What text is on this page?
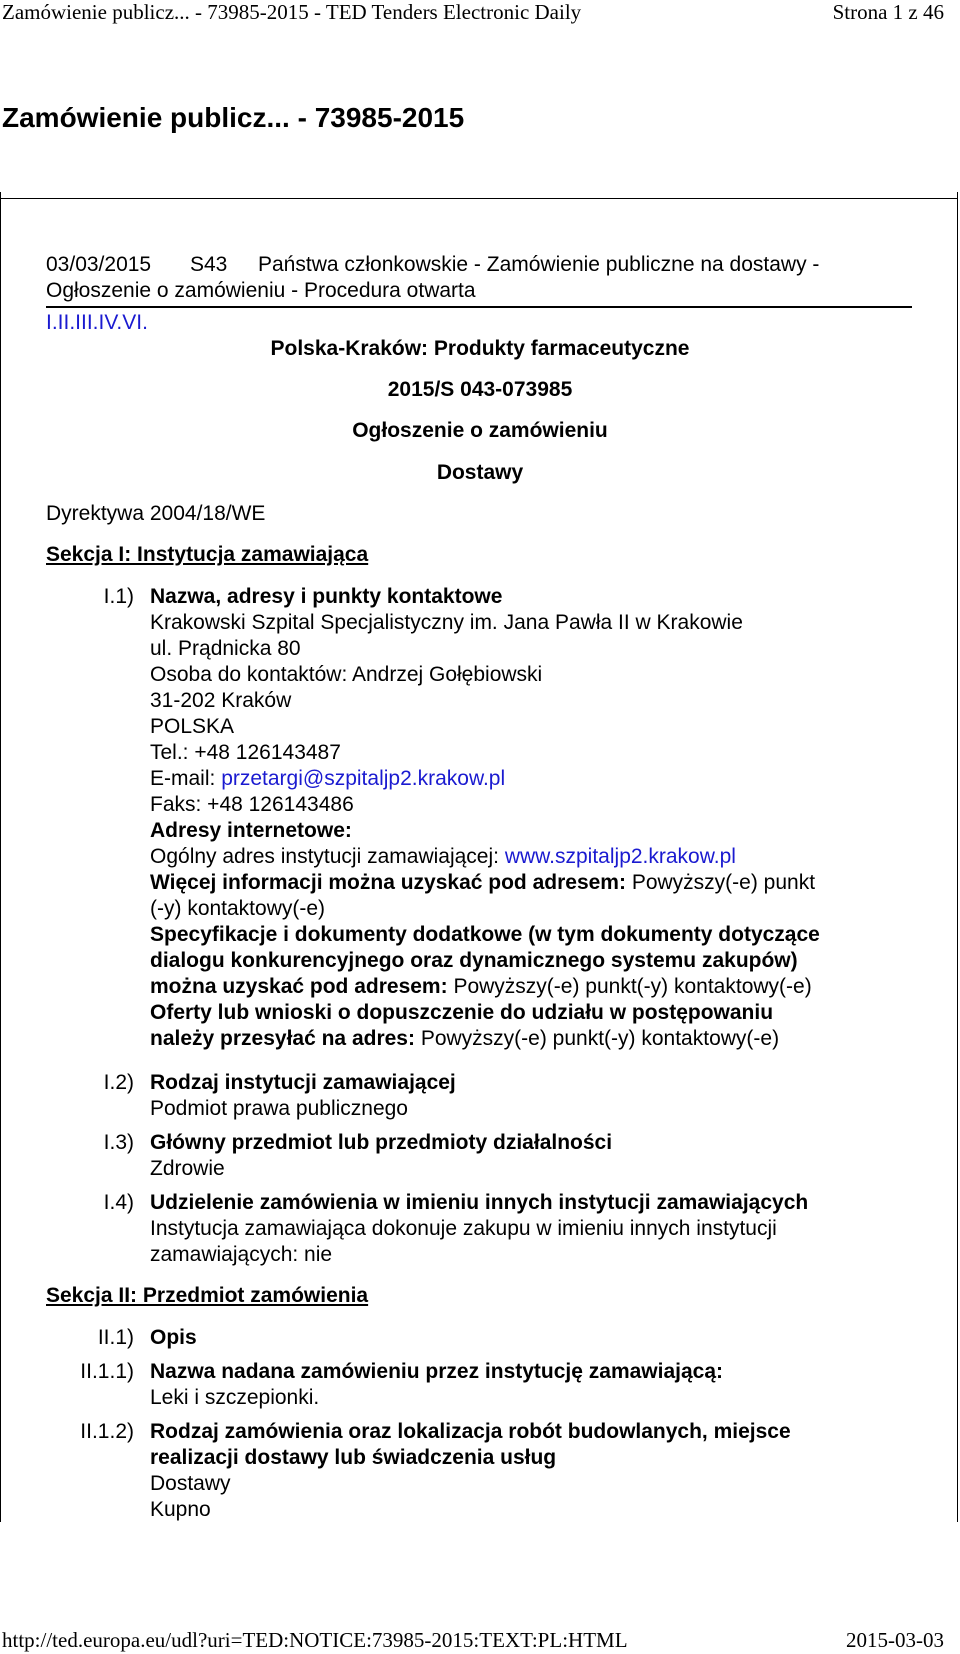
Zamówienie publicz... - 73985-2015 - TED Tenders Electronic Daily	Strona 1 z 46
Zamówienie publicz... - 73985-2015
03/03/2015 S43 Państwa członkowskie - Zamówienie publiczne na dostawy -
Ogłoszenie o zamówieniu - Procedura otwarta
I.II.III.IV.VI.
Polska-Kraków: Produkty farmaceutyczne
2015/S 043-073985
Ogłoszenie o zamówieniu
Dostawy
Dyrektywa 2004/18/WE
Sekcja I: Instytucja zamawiająca
I.1) Nazwa, adresy i punkty kontaktowe
Krakowski Szpital Specjalistyczny im. Jana Pawła II w Krakowie
ul. Prądnicka 80
Osoba do kontaktów: Andrzej Gołębiowski
31-202 Kraków
POLSKA
Tel.: +48 126143487
E-mail: przetargi@szpitaljp2.krakow.pl
Faks: +48 126143486
Adresy internetowe:
Ogólny adres instytucji zamawiającej: www.szpitaljp2.krakow.pl
Więcej informacji można uzyskać pod adresem: Powyższy(-e) punkt
(-y) kontaktowy(-e)
Specyfikacje i dokumenty dodatkowe (w tym dokumenty dotyczące
dialogu konkurencyjnego oraz dynamicznego systemu zakupów)
można uzyskać pod adresem: Powyższy(-e) punkt(-y) kontaktowy(-e)
Oferty lub wnioski o dopuszczenie do udziału w postępowaniu
należy przesyłać na adres: Powyższy(-e) punkt(-y) kontaktowy(-e)
I.2) Rodzaj instytucji zamawiającej
Podmiot prawa publicznego
I.3) Główny przedmiot lub przedmioty działalności
Zdrowie
I.4) Udzielenie zamówienia w imieniu innych instytucji zamawiających
Instytucja zamawiająca dokonuje zakupu w imieniu innych instytucji
zamawiających: nie
Sekcja II: Przedmiot zamówienia
II.1) Opis
II.1.1) Nazwa nadana zamówieniu przez instytucję zamawiającą:
Leki i szczepionki.
II.1.2) Rodzaj zamówienia oraz lokalizacja robót budowlanych, miejsce
realizacji dostawy lub świadczenia usług
Dostawy
Kupno
http://ted.europa.eu/udl?uri=TED:NOTICE:73985-2015:TEXT:PL:HTML	2015-03-03
